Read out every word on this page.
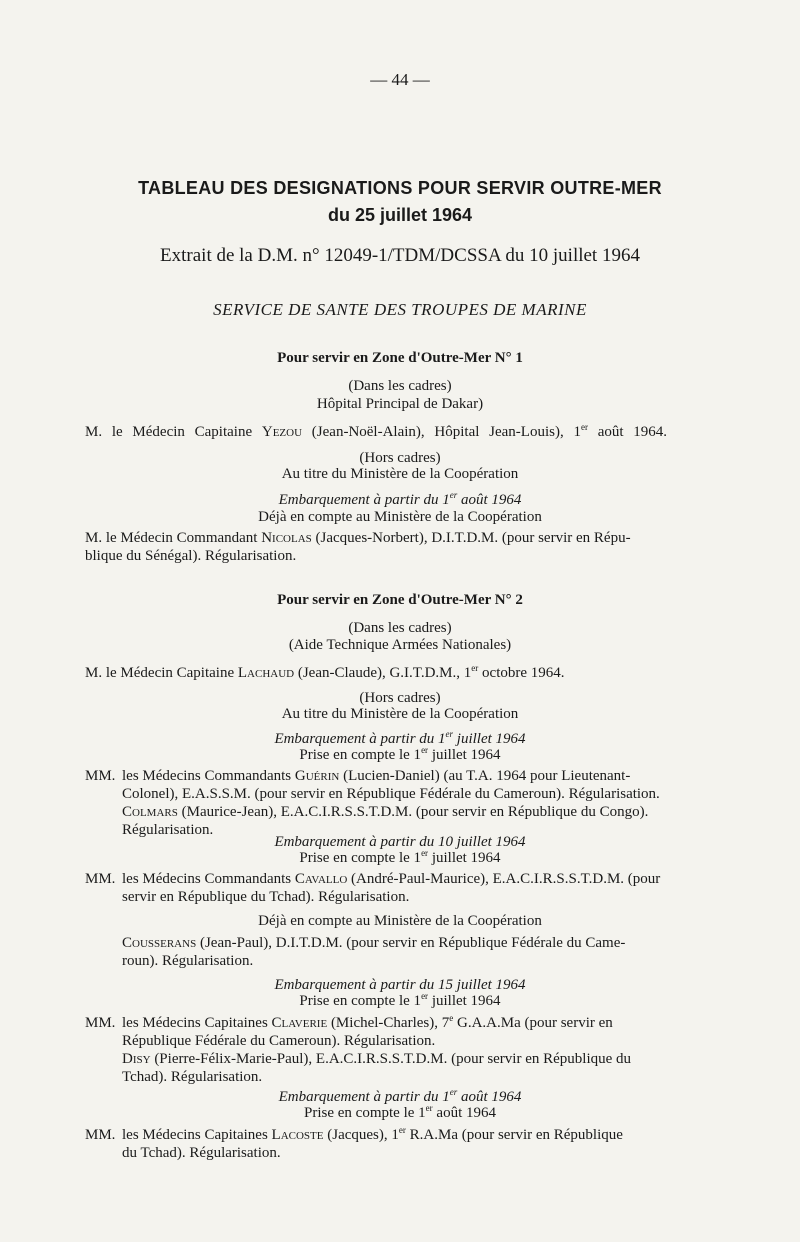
— 44 —
TABLEAU DES DESIGNATIONS POUR SERVIR OUTRE-MER
du 25 juillet 1964
Extrait de la D.M. n° 12049-1/TDM/DCSSA du 10 juillet 1964
SERVICE DE SANTE DES TROUPES DE MARINE
Pour servir en Zone d'Outre-Mer N° 1
(Dans les cadres)
Hôpital Principal de Dakar)
M. le Médecin Capitaine Yezou (Jean-Noël-Alain), Hôpital Jean-Louis), 1er août 1964.
(Hors cadres)
Au titre du Ministère de la Coopération
Embarquement à partir du 1er août 1964
Déjà en compte au Ministère de la Coopération
M. le Médecin Commandant Nicolas (Jacques-Norbert), D.I.T.D.M. (pour servir en Répu-
blique du Sénégal). Régularisation.
Pour servir en Zone d'Outre-Mer N° 2
(Dans les cadres)
(Aide Technique Armées Nationales)
M. le Médecin Capitaine Lachaud (Jean-Claude), G.I.T.D.M., 1er octobre 1964.
(Hors cadres)
Au titre du Ministère de la Coopération
Embarquement à partir du 1er juillet 1964
Prise en compte le 1er juillet 1964
MM. les Médecins Commandants Guérin (Lucien-Daniel) (au T.A. 1964 pour Lieutenant-
Colonel), E.A.S.S.M. (pour servir en République Fédérale du Cameroun). Régularisation.
Colmars (Maurice-Jean), E.A.C.I.R.S.S.T.D.M. (pour servir en République du Congo).
Régularisation.
Embarquement à partir du 10 juillet 1964
Prise en compte le 1er juillet 1964
MM. les Médecins Commandants Cavallo (André-Paul-Maurice), E.A.C.I.R.S.S.T.D.M. (pour
servir en République du Tchad). Régularisation.
Déjà en compte au Ministère de la Coopération
Cousserans (Jean-Paul), D.I.T.D.M. (pour servir en République Fédérale du Came-
roun). Régularisation.
Embarquement à partir du 15 juillet 1964
Prise en compte le 1er juillet 1964
MM. les Médecins Capitaines Claverie (Michel-Charles), 7e G.A.A.Ma (pour servir en
République Fédérale du Cameroun). Régularisation.
Disy (Pierre-Félix-Marie-Paul), E.A.C.I.R.S.S.T.D.M. (pour servir en République du
Tchad). Régularisation.
Embarquement à partir du 1er août 1964
Prise en compte le 1er août 1964
MM. les Médecins Capitaines Lacoste (Jacques), 1er R.A.Ma (pour servir en République
du Tchad). Régularisation.
